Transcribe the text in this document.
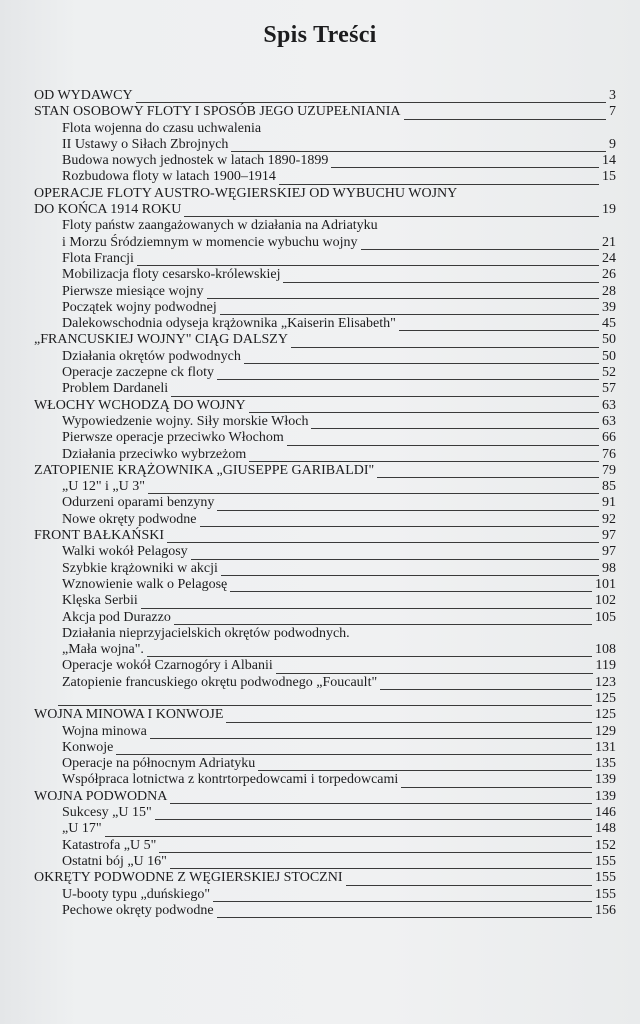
Spis Treści
OD WYDAWCY	3
STAN OSOBOWY FLOTY I SPOSÓB JEGO UZUPEŁNIANIA	7
Flota wojenna do czasu uchwalenia
II Ustawy o Siłach Zbrojnych	9
Budowa nowych jednostek w latach 1890-1899	14
Rozbudowa floty w latach 1900–1914	15
OPERACJE FLOTY AUSTRO-WĘGIERSKIEJ OD WYBUCHU WOJNY
DO KOŃCA 1914 ROKU	19
Floty państw zaangażowanych w działania na Adriatyku
i Morzu Śródziemnym w momencie wybuchu wojny	21
Flota Francji	24
Mobilizacja floty cesarsko-królewskiej	26
Pierwsze miesiące wojny	28
Początek wojny podwodnej	39
Dalekowschodnia odyseja krążownika „Kaiserin Elisabeth"	45
„FRANCUSKIEJ WOJNY" CIĄG DALSZY	50
Działania okrętów podwodnych	50
Operacje zaczepne ck floty	52
Problem Dardaneli	57
WŁOCHY WCHODZĄ DO WOJNY	63
Wypowiedzenie wojny. Siły morskie Włoch	63
Pierwsze operacje przeciwko Włochom	66
Działania przeciwko wybrzeżom	76
ZATOPIENIE KRĄŻOWNIKA „GIUSEPPE GARIBALDI"	79
„U 12" i „U 3"	85
Odurzeni oparami benzyny	91
Nowe okręty podwodne	92
FRONT BAŁKAŃSKI	97
Walki wokół Pelagosy	97
Szybkie krążowniki w akcji	98
Wznowienie walk o Pelagosę	101
Klęska Serbii	102
Akcja pod Durazzo	105
Działania nieprzyjacielskich okrętów podwodnych.
„Mała wojna".	108
Operacje wokół Czarnogóry i Albanii	119
Zatopienie francuskiego okrętu podwodnego „Foucault"	123
125
WOJNA MINOWA I KONWOJE	125
Wojna minowa	129
Konwoje	131
Operacje na północnym Adriatyku	135
Współpraca lotnictwa z kontrtorpedowcami i torpedowcami	139
WOJNA PODWODNA	139
Sukcesy „U 15"	146
„U 17"	148
Katastrofa „U 5"	152
Ostatni bój „U 16"	155
OKRĘTY PODWODNE Z WĘGIERSKIEJ STOCZNI	155
U-booty typu „duńskiego"	155
Pechowe okręty podwodne	156
